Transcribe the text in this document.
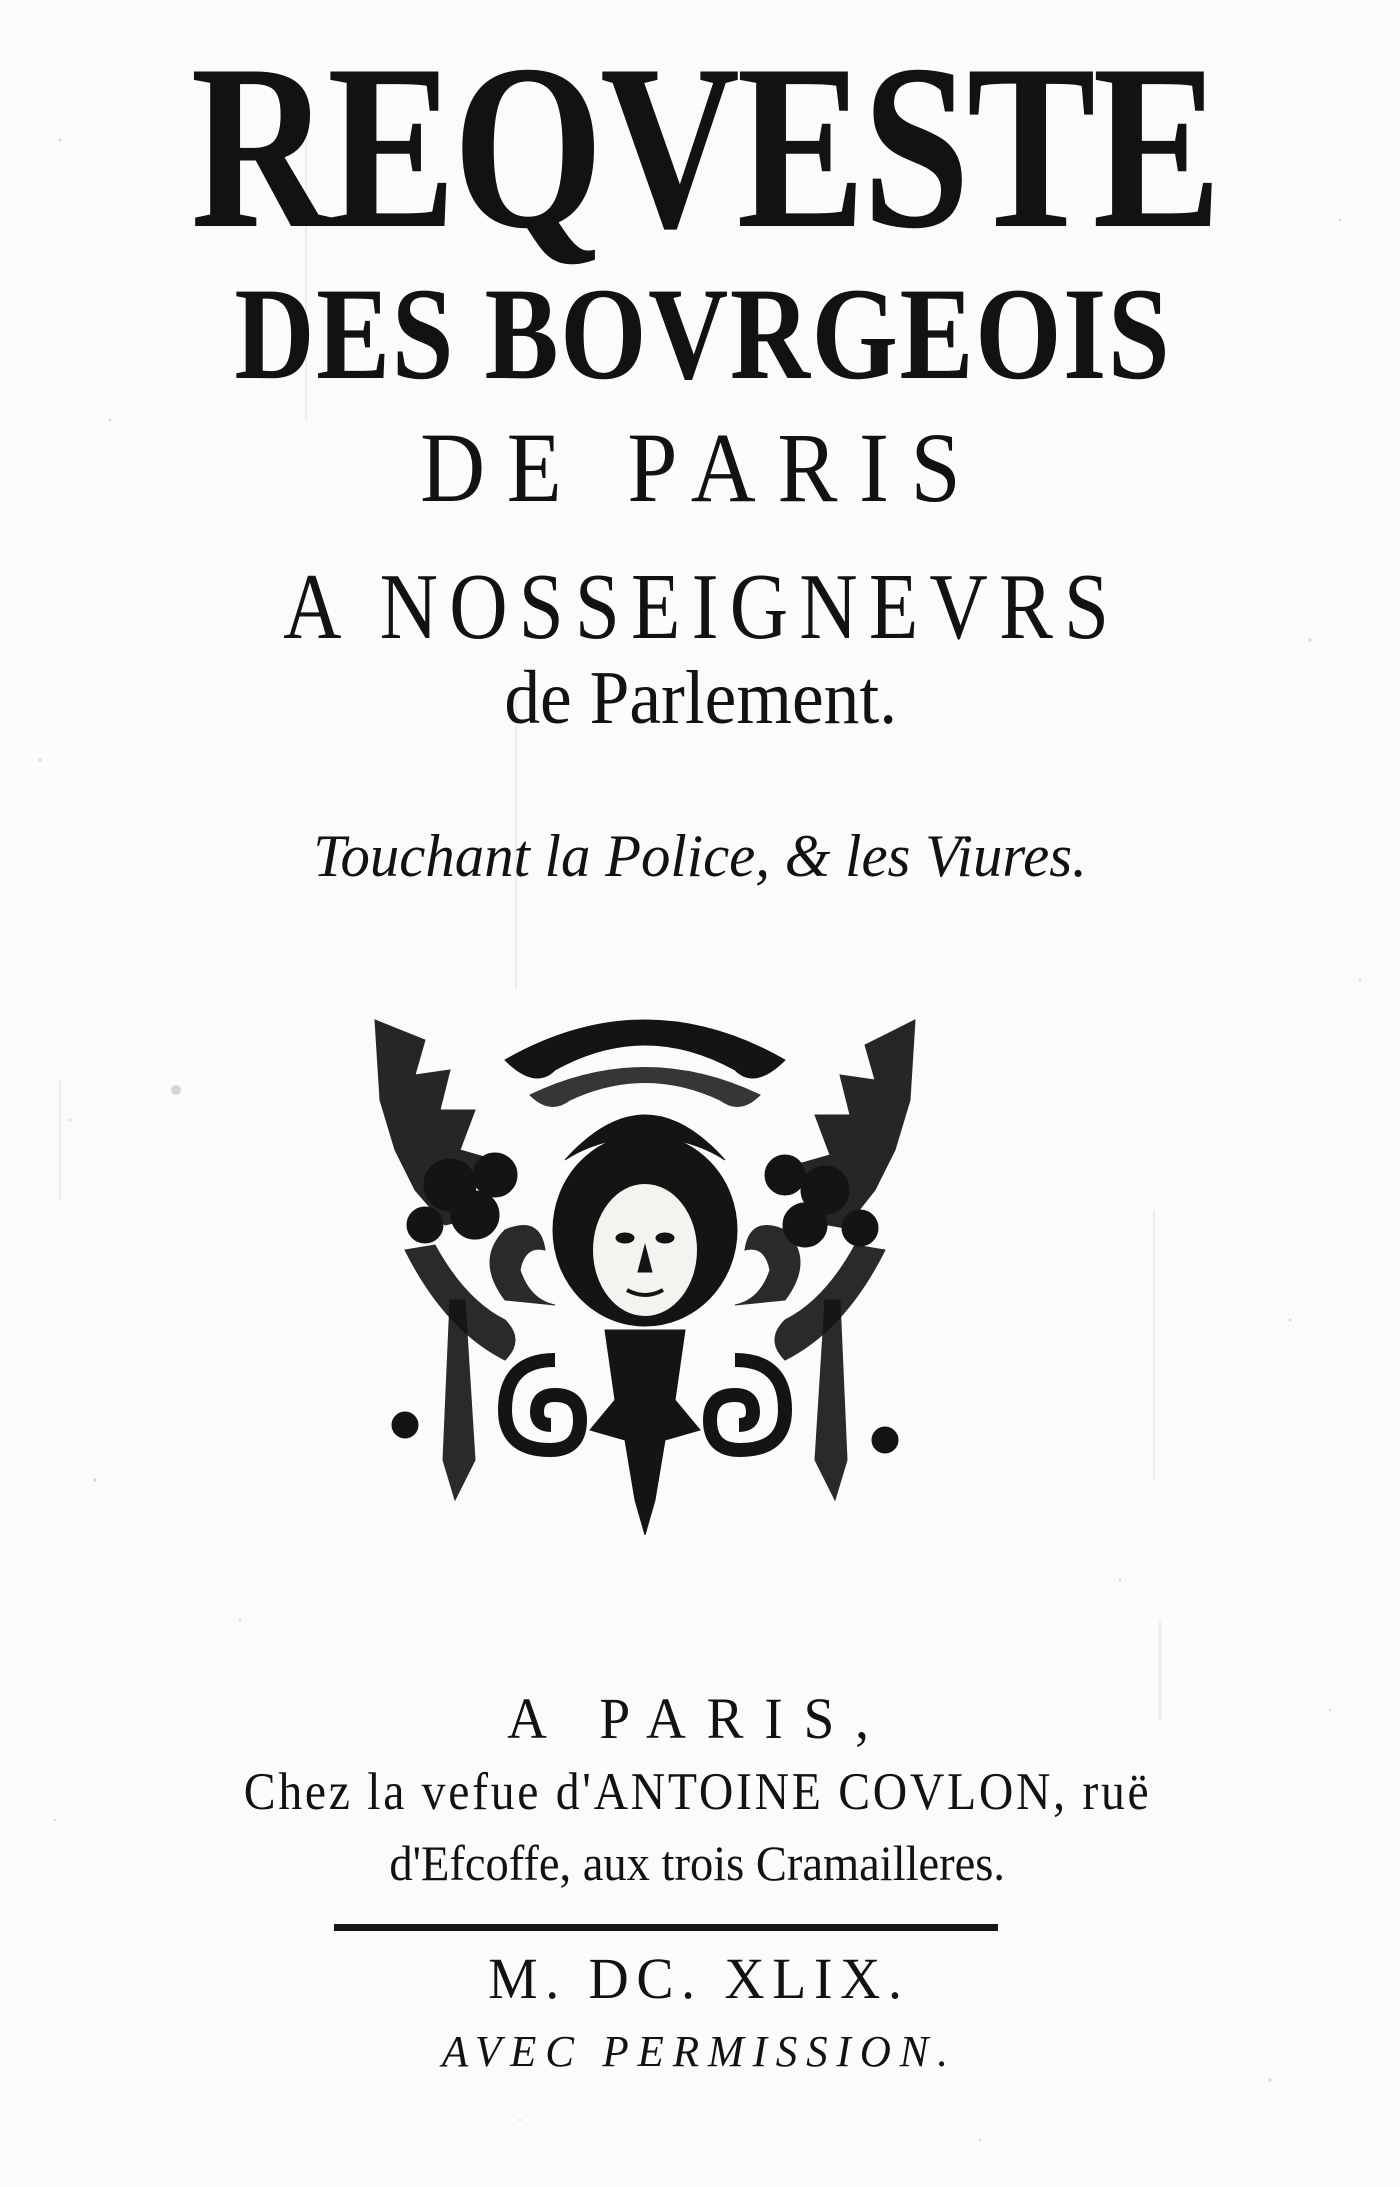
REQVESTE
DES BOVRGEOIS
DE PARIS
A NOSSEIGNEVRS
de Parlement.
Touchant la Police, & les Viures.
A PARIS,
Chez la vefue d'ANTOINE COVLON, ruë
d'Efcoffe, aux trois Cramailleres.
M. DC. XLIX.
AVEC PERMISSION.
